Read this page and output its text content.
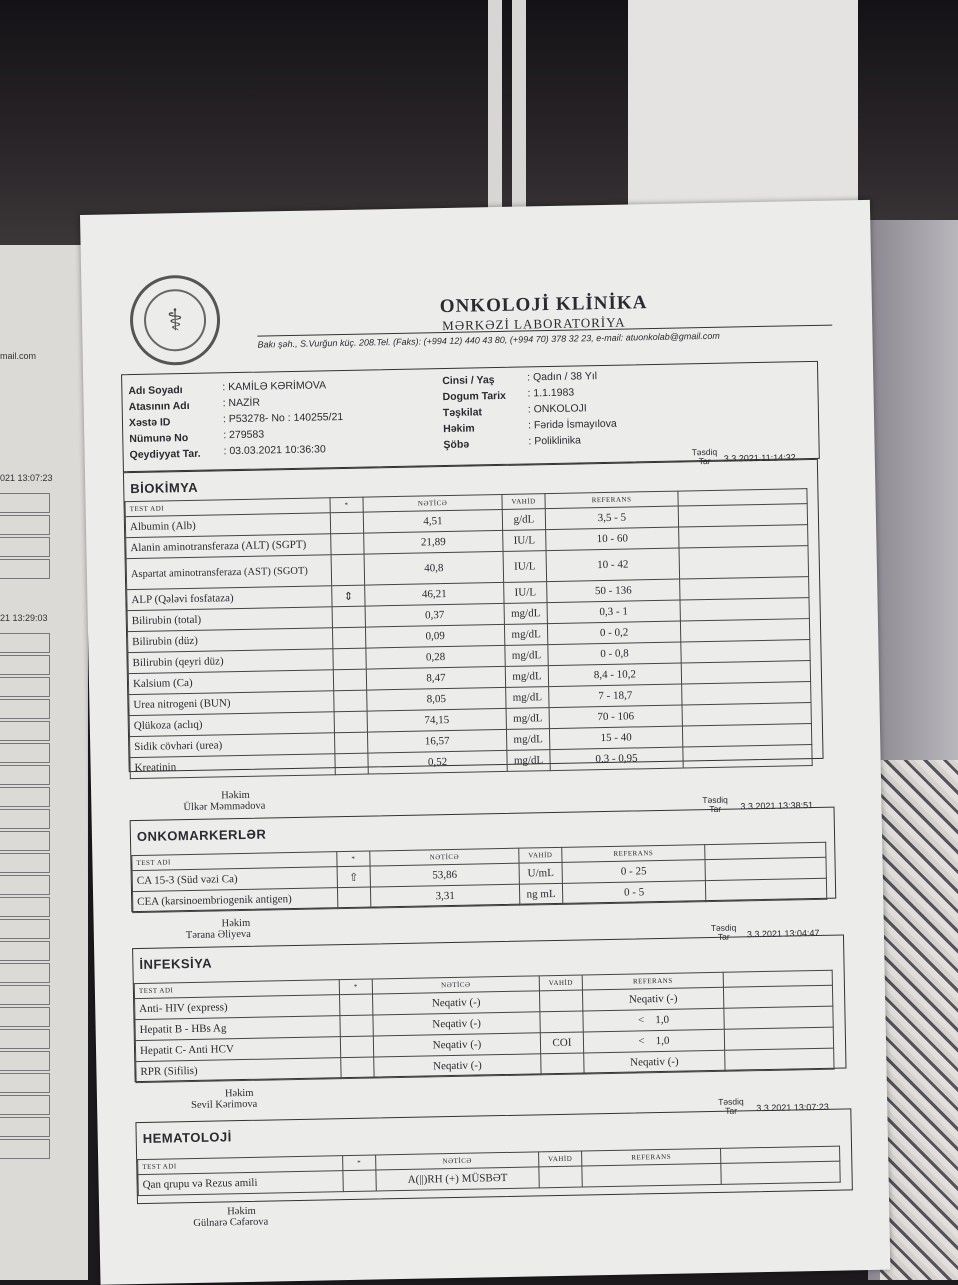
mail.com
021 13:07:23
21 13:29:03
⚕	ONKOLOJİ KLİNİKA
MƏRKƏZİ LABORATORİYA
Bakı şəh., S.Vurğun küç. 208.Tel. (Faks): (+994 12) 440 43 80, (+994 70) 378 32 23, e-mail: atuonkolab@gmail.com
Adı Soyadı	: KAMİLƏ KƏRİMOVA
Atasının Adı	: NAZİR
Xəstə ID	: P53278- No : 140255/21
Nümunə No	: 279583
Qeydiyyat Tar. : 03.03.2021 10:36:30
Cinsi / Yaş	: Qadın / 38 Yıl
Dogum Tarix : 1.1.1983
Təşkilat	: ONKOLOJI
Həkim	: Fəridə İsmayılova
Şöbə	: Poliklinika
BİOKİMYA
Təsdiq
Tar	3.3.2021 11:14:32
TEST ADI	*	NƏTİCƏ	VAHİD	REFERANS	
Albumin (Alb)		4,51	g/dL	3,5 - 5	
Alanin aminotransferaza (ALT) (SGPT)		21,89	IU/L	10 - 60	
Aspartat aminotransferaza (AST) (SGOT)		40,8	IU/L	10 - 42	
ALP (Qələvi fosfataza)	⇕	46,21	IU/L	50 - 136	
Bilirubin (total)		0,37	mg/dL	0,3 - 1	
Bilirubin (düz)		0,09	mg/dL	0 - 0,2	
Bilirubin (qeyri düz)		0,28	mg/dL	0 - 0,8	
Kalsium (Ca)		8,47	mg/dL	8,4 - 10,2	
Urea nitrogeni (BUN)		8,05	mg/dL	7 - 18,7	
Qlükoza (aclıq)		74,15	mg/dL	70 - 106	
Sidik cövhəri (urea)		16,57	mg/dL	15 - 40	
Kreatinin		0,52	mg/dL	0.3 - 0,95	
Həkim
Ülkər Məmmədova
ONKOMARKERLƏR
Təsdiq
Tar	3.3.2021 13:38:51
TEST ADI	*	NƏTİCƏ	VAHİD	REFERANS	
CA 15-3 (Süd vəzi Ca)	⇧	53,86	U/mL	0 - 25	
CEA (karsinoembriogenik antigen)		3,31	ng mL	0 - 5	
Həkim
Tərana Əliyeva
İNFEKSİYA
Təsdiq
Tar	3.3.2021 13:04:47
TEST ADI	*	NƏTİCƏ	VAHİD	REFERANS	
Anti- HIV (express)		Neqativ (-)		Neqativ (-)	
Hepatit B - HBs Ag		Neqativ (-)		<    1,0	
Hepatit C- Anti HCV		Neqativ (-)	COI	<    1,0	
RPR (Sifilis)		Neqativ (-)		Neqativ (-)	
Həkim
Sevil Kərimova
HEMATOLOJİ
Təsdiq
Tar	3.3.2021 13:07:23
TEST ADI	*	NƏTİCƏ	VAHİD	REFERANS	
Qan qrupu və Rezus amili		A(||)RH (+) MÜSBƏT			
Həkim
Gülnarə Cəfərova
